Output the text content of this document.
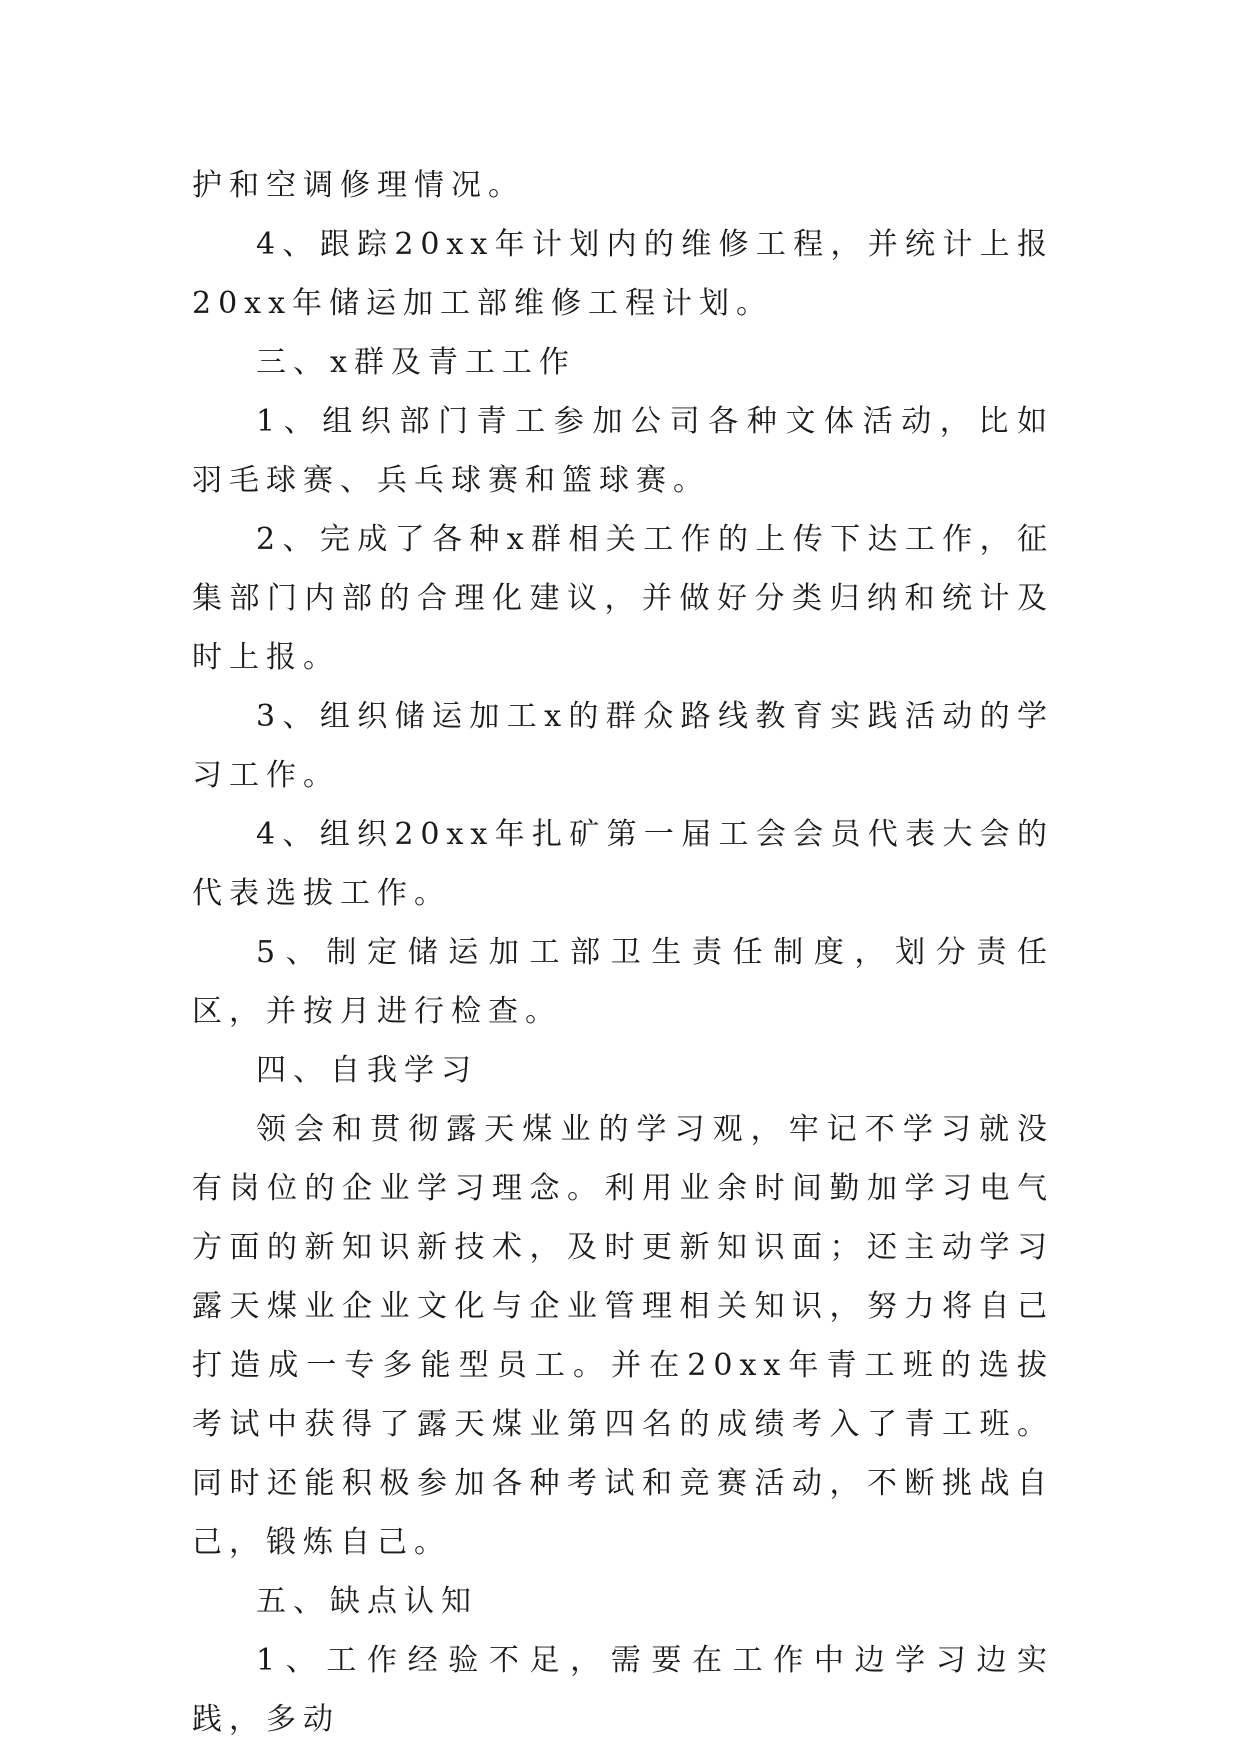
护和空调修理情况。

4、跟踪20xx年计划内的维修工程，并统计上报20xx年储运加工部维修工程计划。

三、x群及青工工作

1、组织部门青工参加公司各种文体活动，比如羽毛球赛、兵乓球赛和篮球赛。

2、完成了各种x群相关工作的上传下达工作，征集部门内部的合理化建议，并做好分类归纳和统计及时上报。

3、组织储运加工x的群众路线教育实践活动的学习工作。

4、组织20xx年扎矿第一届工会会员代表大会的代表选拔工作。

5、制定储运加工部卫生责任制度，划分责任区，并按月进行检查。

四、自我学习

领会和贯彻露天煤业的学习观，牢记不学习就没有岗位的企业学习理念。利用业余时间勤加学习电气方面的新知识新技术，及时更新知识面；还主动学习露天煤业企业文化与企业管理相关知识，努力将自己打造成一专多能型员工。并在20xx年青工班的选拔考试中获得了露天煤业第四名的成绩考入了青工班。同时还能积极参加各种考试和竞赛活动，不断挑战自己，锻炼自己。

五、缺点认知

1、工作经验不足，需要在工作中边学习边实践，多动
